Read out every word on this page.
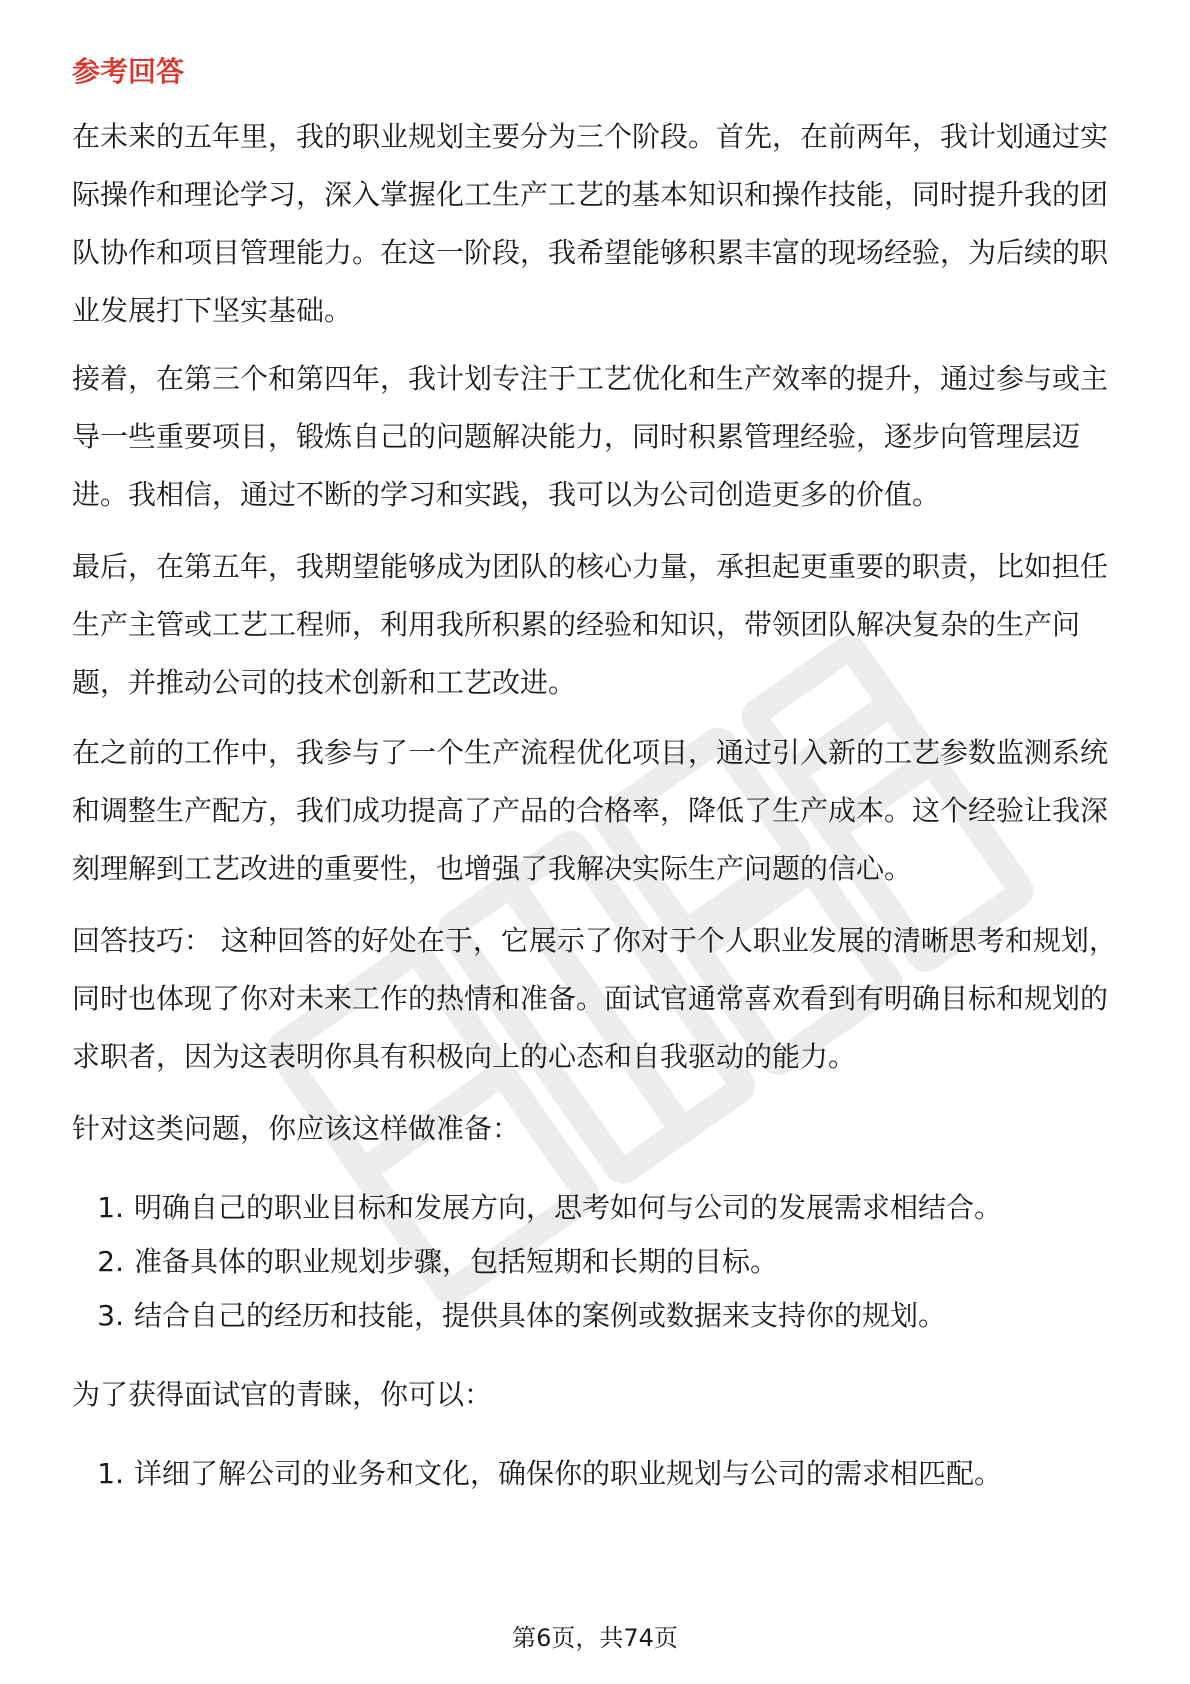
参考回答

在未来的五年里，我的职业规划主要分为三个阶段。首先，在前两年，我计划通过实际操作和理论学习，深入掌握化工生产工艺的基本知识和操作技能，同时提升我的团队协作和项目管理能力。在这一阶段，我希望能够积累丰富的现场经验，为后续的职业发展打下坚实基础。

接着，在第三个和第四年，我计划专注于工艺优化和生产效率的提升，通过参与或主导一些重要项目，锻炼自己的问题解决能力，同时积累管理经验，逐步向管理层迈进。我相信，通过不断的学习和实践，我可以为公司创造更多的价值。

最后，在第五年，我期望能够成为团队的核心力量，承担起更重要的职责，比如担任生产主管或工艺工程师，利用我所积累的经验和知识，带领团队解决复杂的生产问题，并推动公司的技术创新和工艺改进。

在之前的工作中，我参与了一个生产流程优化项目，通过引入新的工艺参数监测系统和调整生产配方，我们成功提高了产品的合格率，降低了生产成本。这个经验让我深刻理解到工艺改进的重要性，也增强了我解决实际生产问题的信心。

回答技巧： 这种回答的好处在于，它展示了你对于个人职业发展的清晰思考和规划，同时也体现了你对未来工作的热情和准备。面试官通常喜欢看到有明确目标和规划的求职者，因为这表明你具有积极向上的心态和自我驱动的能力。

针对这类问题，你应该这样做准备：

1. 明确自己的职业目标和发展方向，思考如何与公司的发展需求相结合。
2. 准备具体的职业规划步骤，包括短期和长期的目标。
3. 结合自己的经历和技能，提供具体的案例或数据来支持你的规划。

为了获得面试官的青睐，你可以：

1. 详细了解公司的业务和文化，确保你的职业规划与公司的需求相匹配。
第6页，共74页
